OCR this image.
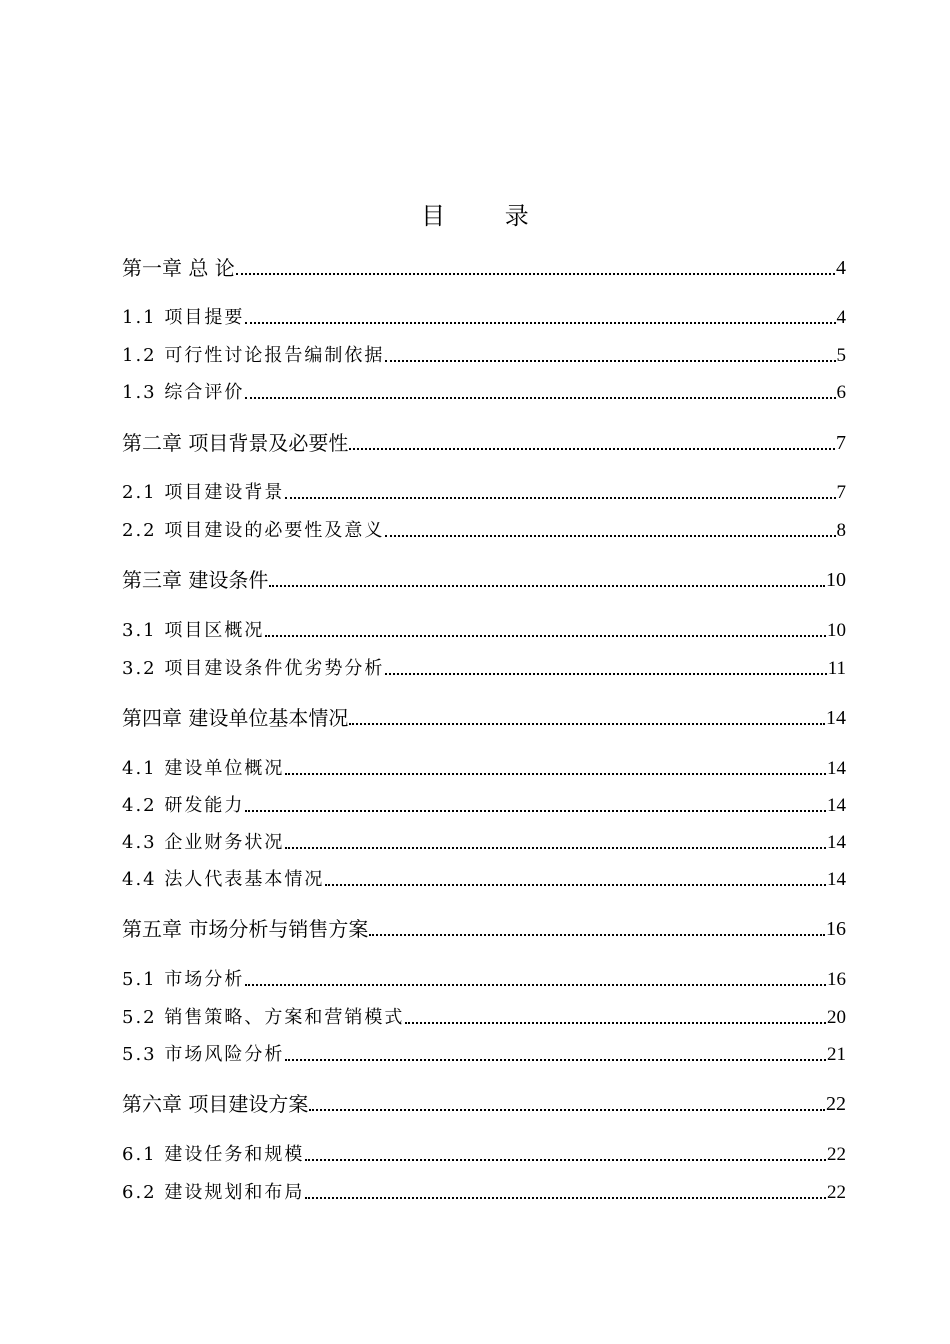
目 录
第一章 总 论	4
1.1 项目提要	4
1.2 可行性讨论报告编制依据	5
1.3 综合评价	6
第二章 项目背景及必要性	7
2.1 项目建设背景	7
2.2 项目建设的必要性及意义	8
第三章 建设条件	10
3.1 项目区概况	10
3.2 项目建设条件优劣势分析	11
第四章 建设单位基本情况	14
4.1 建设单位概况	14
4.2 研发能力	14
4.3 企业财务状况	14
4.4 法人代表基本情况	14
第五章 市场分析与销售方案	16
5.1 市场分析	16
5.2 销售策略、方案和营销模式	20
5.3 市场风险分析	21
第六章 项目建设方案	22
6.1 建设任务和规模	22
6.2 建设规划和布局	22
